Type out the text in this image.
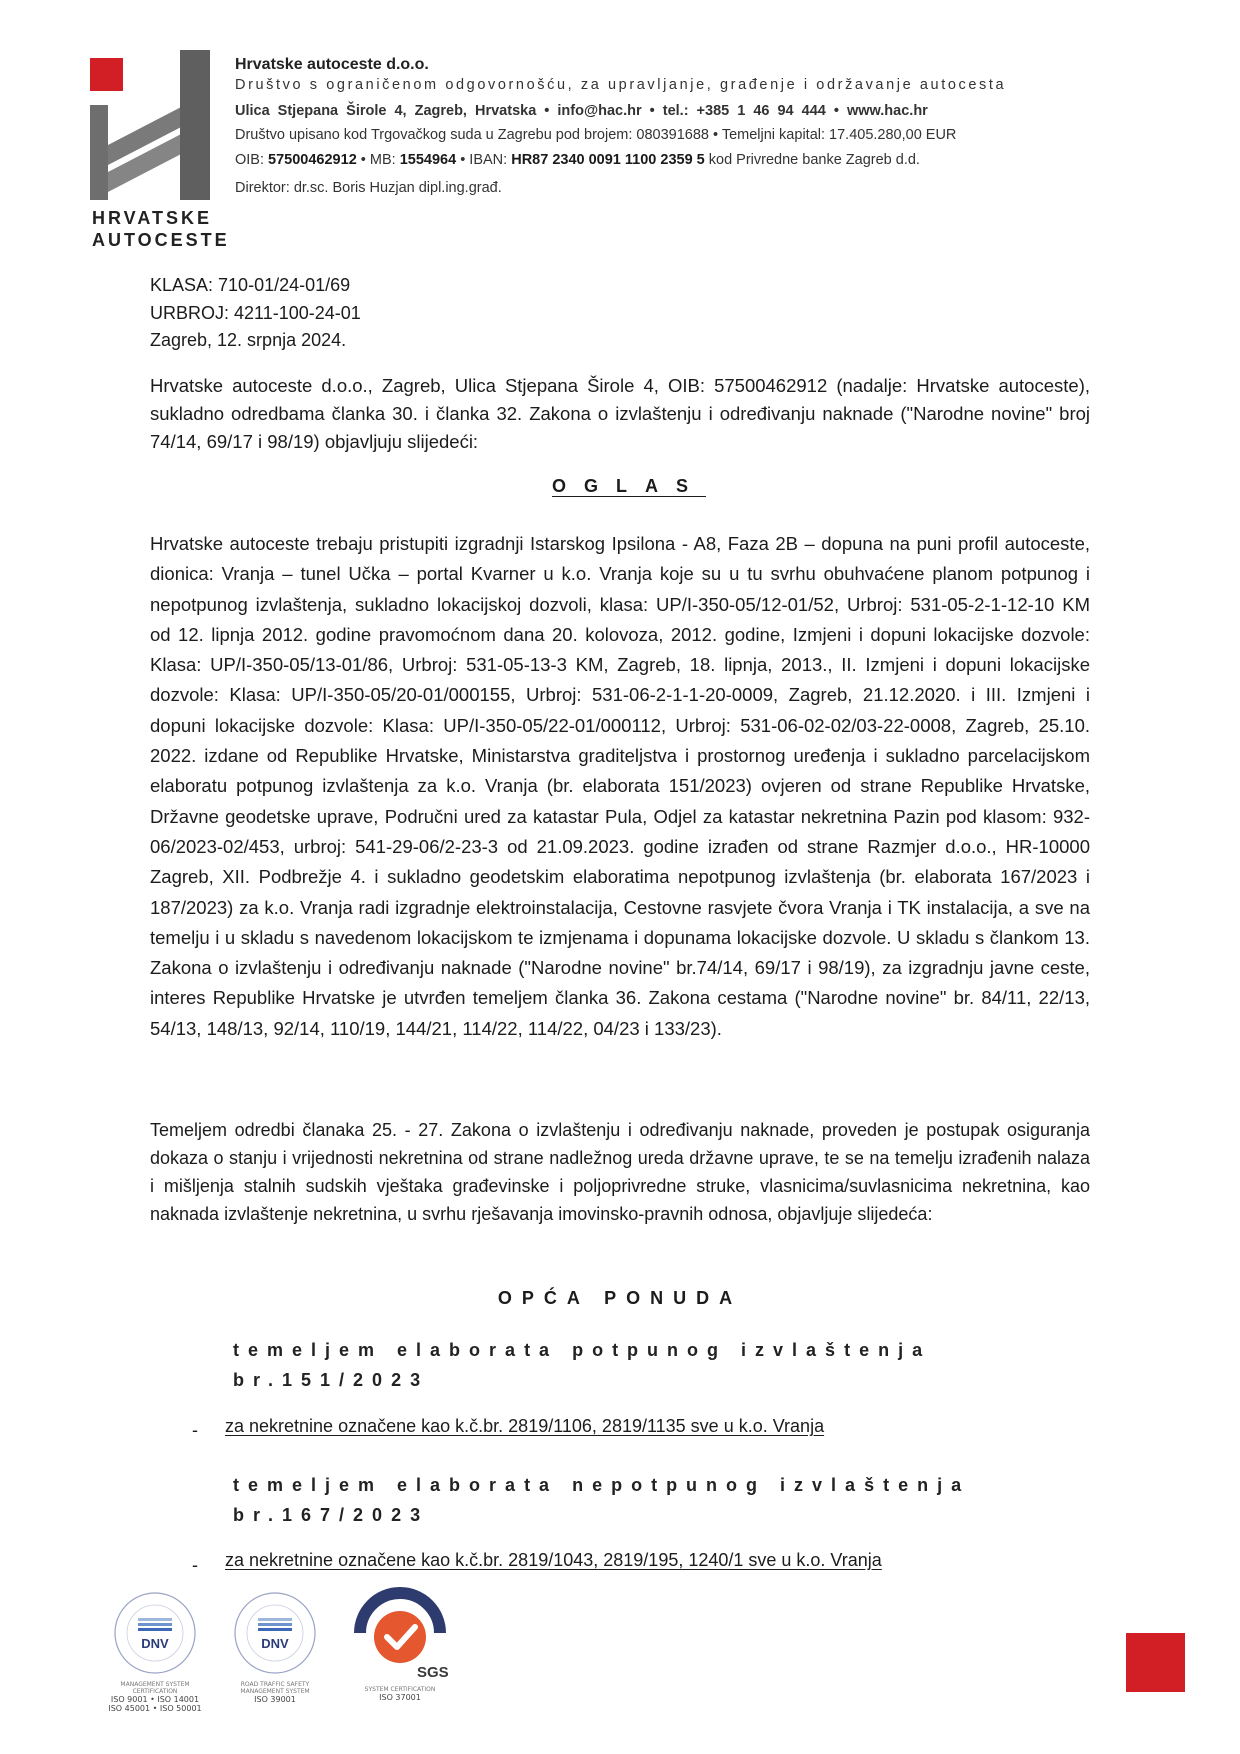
HRVATSKE
AUTOCESTE
Hrvatske autoceste d.o.o.
Društvo s ograničenom odgovornošću, za upravljanje, građenje i održavanje autocesta
Ulica Stjepana Širole 4, Zagreb, Hrvatska • info@hac.hr • tel.: +385 1 46 94 444 • www.hac.hr
Društvo upisano kod Trgovačkog suda u Zagrebu pod brojem: 080391688 • Temeljni kapital: 17.405.280,00 EUR
OIB: 57500462912 • MB: 1554964 • IBAN: HR87 2340 0091 1100 2359 5 kod Privredne banke Zagreb d.d.
Direktor: dr.sc. Boris Huzjan dipl.ing.građ.
KLASA: 710-01/24-01/69
URBROJ: 4211-100-24-01
Zagreb, 12. srpnja 2024.

Hrvatske autoceste d.o.o., Zagreb, Ulica Stjepana Širole 4, OIB: 57500462912 (nadalje: Hrvatske autoceste), sukladno odredbama članka 30. i članka 32. Zakona o izvlaštenju i određivanju naknade ("Narodne novine" broj 74/14, 69/17 i 98/19) objavljuju slijedeći:

OGLAS

Hrvatske autoceste trebaju pristupiti izgradnji Istarskog Ipsilona - A8, Faza 2B – dopuna na puni profil autoceste, dionica: Vranja – tunel Učka – portal Kvarner u k.o. Vranja koje su u tu svrhu obuhvaćene planom potpunog i nepotpunog izvlaštenja, sukladno lokacijskoj dozvoli, klasa: UP/I-350-05/12-01/52, Urbroj: 531-05-2-1-12-10 KM od 12. lipnja 2012. godine pravomoćnom dana 20. kolovoza, 2012. godine, Izmjeni i dopuni lokacijske dozvole: Klasa: UP/I-350-05/13-01/86, Urbroj: 531-05-13-3 KM, Zagreb, 18. lipnja, 2013., II. Izmjeni i dopuni lokacijske dozvole: Klasa: UP/I-350-05/20-01/000155, Urbroj: 531-06-2-1-1-20-0009, Zagreb, 21.12.2020. i III. Izmjeni i dopuni lokacijske dozvole: Klasa: UP/I-350-05/22-01/000112, Urbroj: 531-06-02-02/03-22-0008, Zagreb, 25.10. 2022. izdane od Republike Hrvatske, Ministarstva graditeljstva i prostornog uređenja i sukladno parcelacijskom elaboratu potpunog izvlaštenja za k.o. Vranja (br. elaborata 151/2023) ovjeren od strane Republike Hrvatske, Državne geodetske uprave, Područni ured za katastar Pula, Odjel za katastar nekretnina Pazin pod klasom: 932-06/2023-02/453, urbroj: 541-29-06/2-23-3 od 21.09.2023. godine izrađen od strane Razmjer d.o.o., HR-10000 Zagreb, XII. Podbrežje 4. i sukladno geodetskim elaboratima nepotpunog izvlaštenja (br. elaborata 167/2023 i 187/2023) za k.o. Vranja radi izgradnje elektroinstalacija, Cestovne rasvjete čvora Vranja i TK instalacija, a sve na temelju i u skladu s navedenom lokacijskom te izmjenama i dopunama lokacijske dozvole. U skladu s člankom 13. Zakona o izvlaštenju i određivanju naknade ("Narodne novine" br.74/14, 69/17 i 98/19), za izgradnju javne ceste, interes Republike Hrvatske je utvrđen temeljem članka 36. Zakona cestama ("Narodne novine" br. 84/11, 22/13, 54/13, 148/13, 92/14, 110/19, 144/21, 114/22, 114/22, 04/23 i 133/23).

Temeljem odredbi članaka 25. - 27. Zakona o izvlaštenju i određivanju naknade, proveden je postupak osiguranja dokaza o stanju i vrijednosti nekretnina od strane nadležnog ureda državne uprave, te se na temelju izrađenih nalaza i mišljenja stalnih sudskih vještaka građevinske i poljoprivredne struke, vlasnicima/suvlasnicima nekretnina, kao naknada izvlaštenje nekretnina, u svrhu rješavanja imovinsko-pravnih odnosa, objavljuje slijedeća:

OPĆA PONUDA
temeljem elaborata potpunog izvlaštenja
br.151/2023
- za nekretnine označene kao k.č.br. 2819/1106, 2819/1135 sve u k.o. Vranja
temeljem elaborata nepotpunog izvlaštenja
br.167/2023
- za nekretnine označene kao k.č.br. 2819/1043, 2819/195, 1240/1 sve u k.o. Vranja
DNV
MANAGEMENT SYSTEM CERTIFICATION
ISO 9001 • ISO 14001
ISO 45001 • ISO 50001
DNV
ROAD TRAFFIC SAFETY MANAGEMENT SYSTEM
ISO 39001
SGS
SYSTEM CERTIFICATION
ISO 37001
